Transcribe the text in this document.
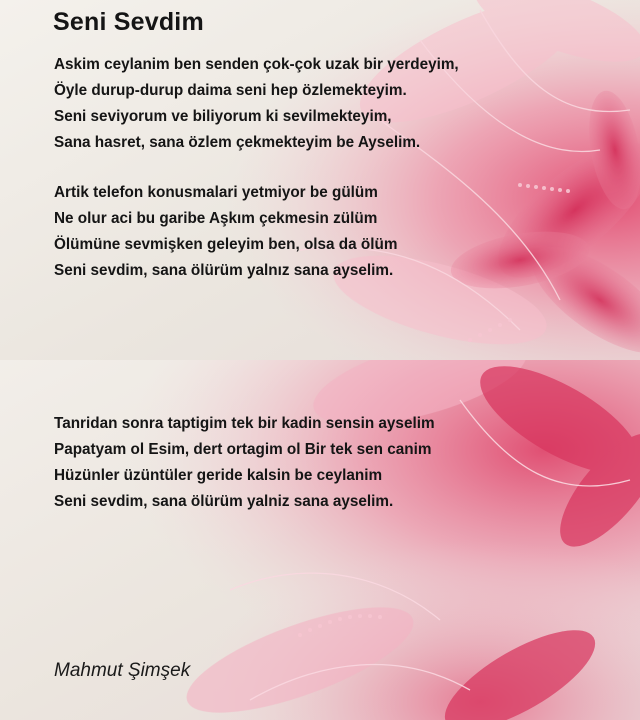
Seni Sevdim
Askim ceylanim ben senden çok-çok uzak bir yerdeyim,
Öyle durup-durup daima seni hep özlemekteyim.
Seni seviyorum ve biliyorum ki sevilmekteyim,
Sana hasret, sana özlem çekmekteyim be Ayselim.
Artik telefon konusmalari yetmiyor be gülüm
Ne olur aci bu garibe Aşkım çekmesin zülüm
Ölümüne sevmişken geleyim ben, olsa da ölüm
Seni sevdim, sana ölürüm yalnız sana ayselim.
Tanridan sonra taptigim tek bir kadin sensin ayselim
Papatyam ol Esim, dert ortagim ol Bir tek sen canim
Hüzünler üzüntüler geride kalsin be ceylanim
Seni sevdim, sana ölürüm yalniz sana ayselim.

Mahmut Şimşek
